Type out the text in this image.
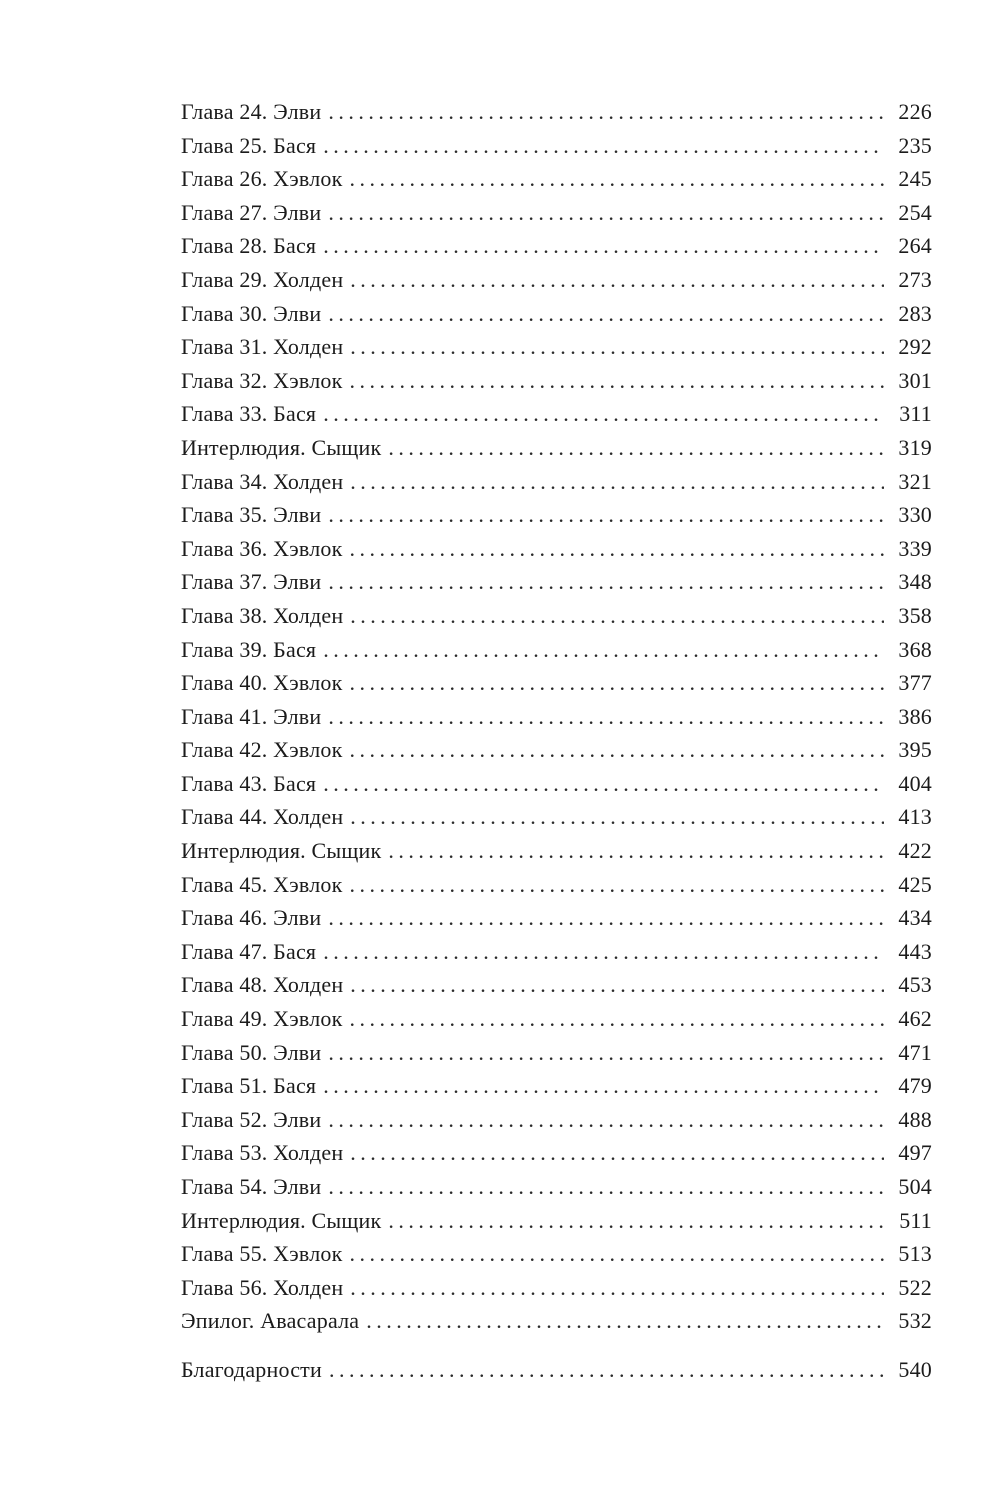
Глава 24. Элви . . .	226
Глава 25. Бася . . .	235
Глава 26. Хэвлок . . .	245
Глава 27. Элви . . .	254
Глава 28. Бася . . .	264
Глава 29. Холден . . .	273
Глава 30. Элви . . .	283
Глава 31. Холден . . .	292
Глава 32. Хэвлок . . .	301
Глава 33. Бася . . .	311
Интерлюдия. Сыщик . . .	319
Глава 34. Холден . . .	321
Глава 35. Элви . . .	330
Глава 36. Хэвлок . . .	339
Глава 37. Элви . . .	348
Глава 38. Холден . . .	358
Глава 39. Бася . . .	368
Глава 40. Хэвлок . . .	377
Глава 41. Элви . . .	386
Глава 42. Хэвлок . . .	395
Глава 43. Бася . . .	404
Глава 44. Холден . . .	413
Интерлюдия. Сыщик . . .	422
Глава 45. Хэвлок . . .	425
Глава 46. Элви . . .	434
Глава 47. Бася . . .	443
Глава 48. Холден . . .	453
Глава 49. Хэвлок . . .	462
Глава 50. Элви . . .	471
Глава 51. Бася . . .	479
Глава 52. Элви . . .	488
Глава 53. Холден . . .	497
Глава 54. Элви . . .	504
Интерлюдия. Сыщик . . .	511
Глава 55. Хэвлок . . .	513
Глава 56. Холден . . .	522
Эпилог. Авасарала . . .	532
Благодарности . . .	540
